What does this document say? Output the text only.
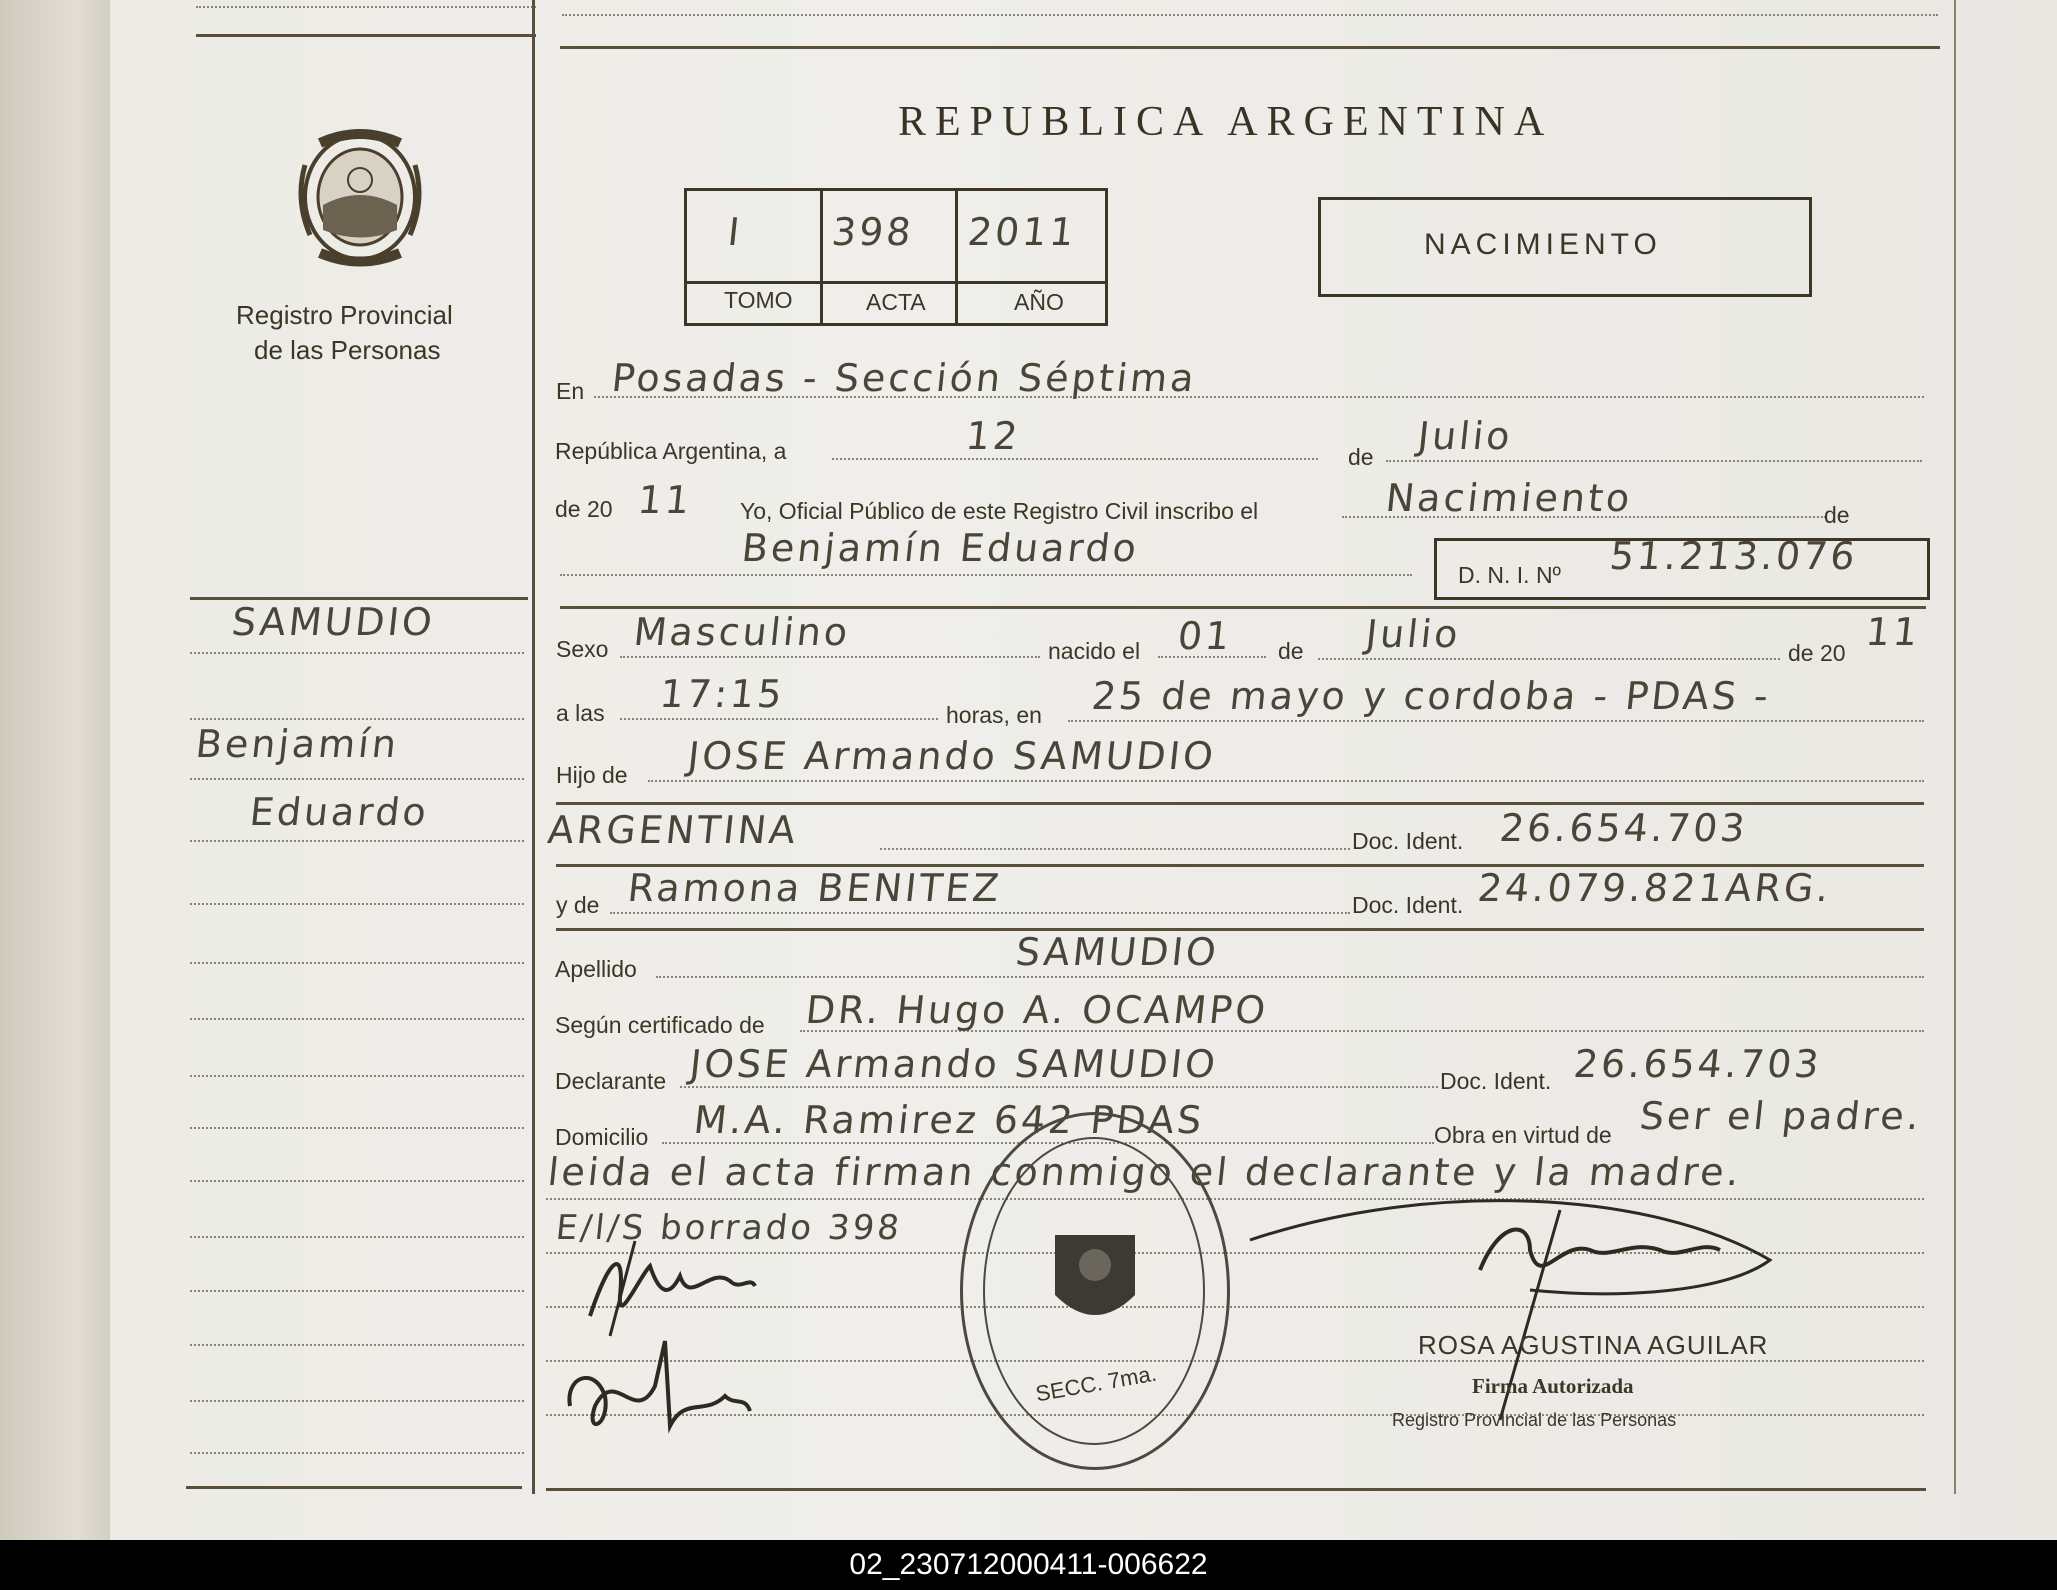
Registro Provincial
de las Personas
SAMUDIO
Benjamín
Eduardo
REPUBLICA ARGENTINA
I 398 2011
TOMO	ACTA	AÑO
NACIMIENTO
En Posadas - Sección Séptima
República Argentina, a	12	de Julio
de 20 11 Yo, Oficial Público de este Registro Civil inscribo el	Nacimiento	de
Benjamín Eduardo
D. N. I. Nº 51.213.076
Sexo Masculino	nacido el 01 de Julio	de 20 11
a las 17:15	horas, en 25 de mayo y cordoba - PDAS -
Hijo de JOSE Armando SAMUDIO
ARGENTINA	Doc. Ident. 26.654.703
y de Ramona BENITEZ	Doc. Ident. 24.079.821ARG.
Apellido	SAMUDIO
Según certificado de DR. Hugo A. OCAMPO
Declarante JOSE Armando SAMUDIO	Doc. Ident. 26.654.703
Domicilio M.A. Ramirez 642 PDAS	Obra en virtud de Ser el padre.
leida el acta firman conmigo el declarante y la madre.
E/l/S borrado 398
SECC. 7ma.
ROSA AGUSTINA AGUILAR
Firma Autorizada
Registro Provincial de las Personas
02_230712000411-006622
